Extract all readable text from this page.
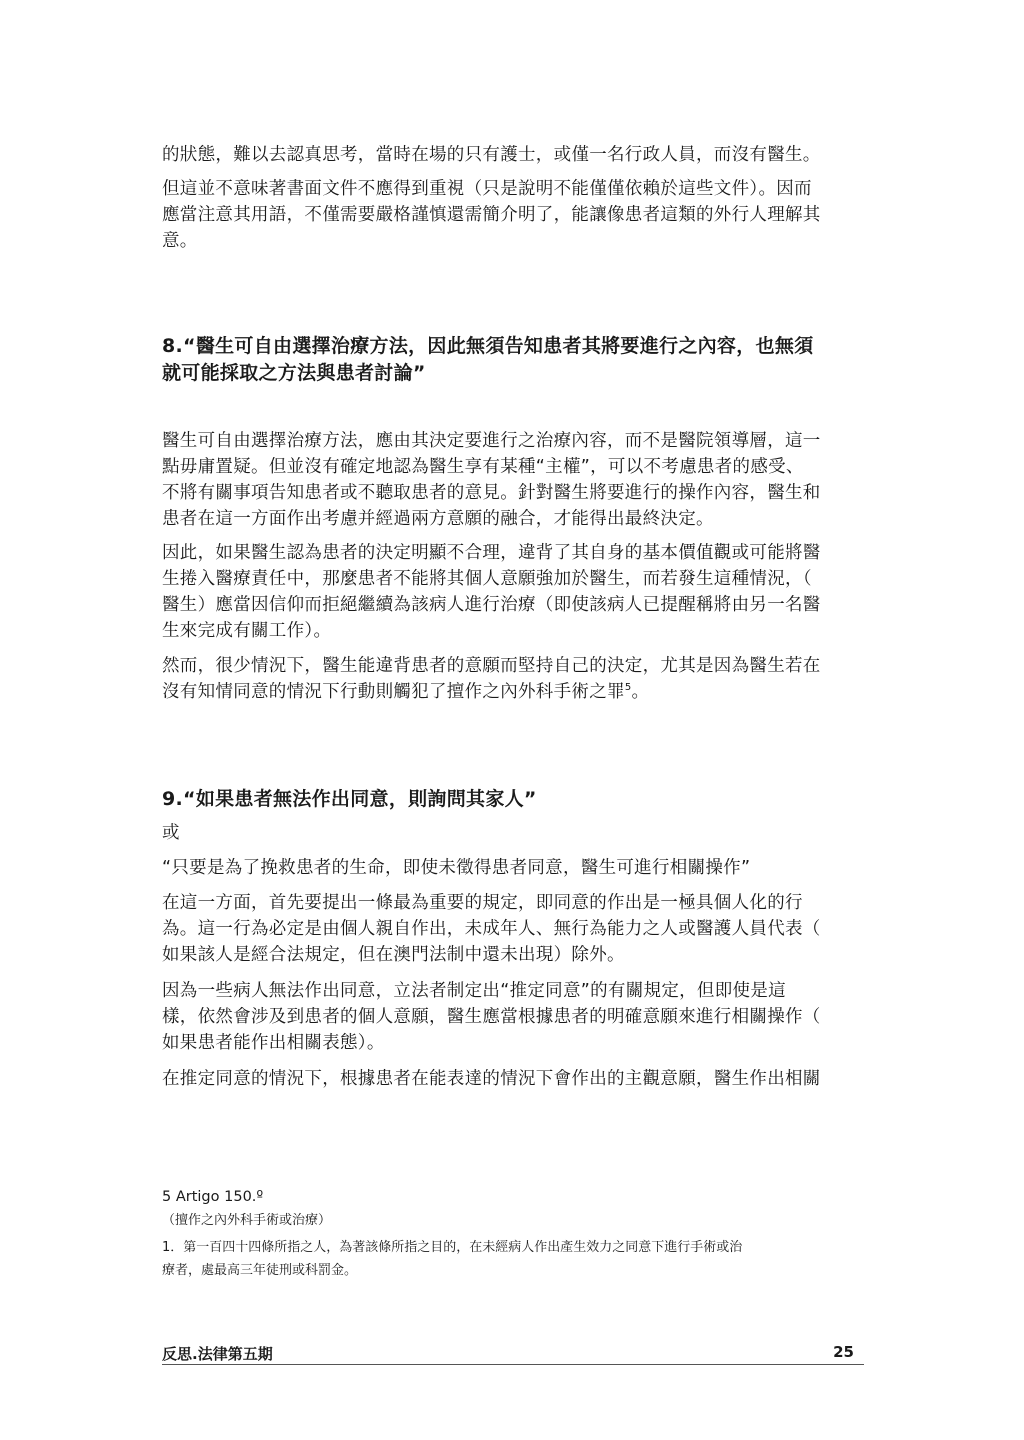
的狀態，難以去認真思考，當時在場的只有護士，或僅一名行政人員，而沒有醫生。

但這並不意味著書面文件不應得到重視（只是說明不能僅僅依賴於這些文件）。因而
應當注意其用語，不僅需要嚴格謹慎還需簡介明了，能讓像患者這類的外行人理解其
意。

8.“醫生可自由選擇治療方法，因此無須告知患者其將要進行之內容，也無須
就可能採取之方法與患者討論”

醫生可自由選擇治療方法，應由其決定要進行之治療內容，而不是醫院領導層，這一
點毋庸置疑。但並沒有確定地認為醫生享有某種“主權”，可以不考慮患者的感受、
不將有關事項告知患者或不聽取患者的意見。針對醫生將要進行的操作內容，醫生和
患者在這一方面作出考慮并經過兩方意願的融合，才能得出最終決定。

因此，如果醫生認為患者的決定明顯不合理，違背了其自身的基本價值觀或可能將醫
生捲入醫療責任中，那麼患者不能將其個人意願強加於醫生，而若發生這種情況，（
醫生）應當因信仰而拒絕繼續為該病人進行治療（即使該病人已提醒稱將由另一名醫
生來完成有關工作）。

然而，很少情況下，醫生能違背患者的意願而堅持自己的決定，尤其是因為醫生若在
沒有知情同意的情況下行動則觸犯了擅作之內外科手術之罪$^5$。

9.“如果患者無法作出同意，則詢問其家人”

或

“只要是為了挽救患者的生命，即使未徵得患者同意，醫生可進行相關操作”

在這一方面，首先要提出一條最為重要的規定，即同意的作出是一極具個人化的行
為。這一行為必定是由個人親自作出，未成年人、無行為能力之人或醫護人員代表（
如果該人是經合法規定，但在澳門法制中還未出現）除外。

因為一些病人無法作出同意，立法者制定出“推定同意”的有關規定，但即使是這
樣，依然會涉及到患者的個人意願，醫生應當根據患者的明確意願來進行相關操作（
如果患者能作出相關表態）。

在推定同意的情況下，根據患者在能表達的情況下會作出的主觀意願，醫生作出相關

5 Artigo 150.º
（擅作之內外科手術或治療）
1．第一百四十四條所指之人，為著該條所指之目的，在未經病人作出產生效力之同意下進行手術或治
療者，處最高三年徒刑或科罰金。
反思.法律第五期	25
